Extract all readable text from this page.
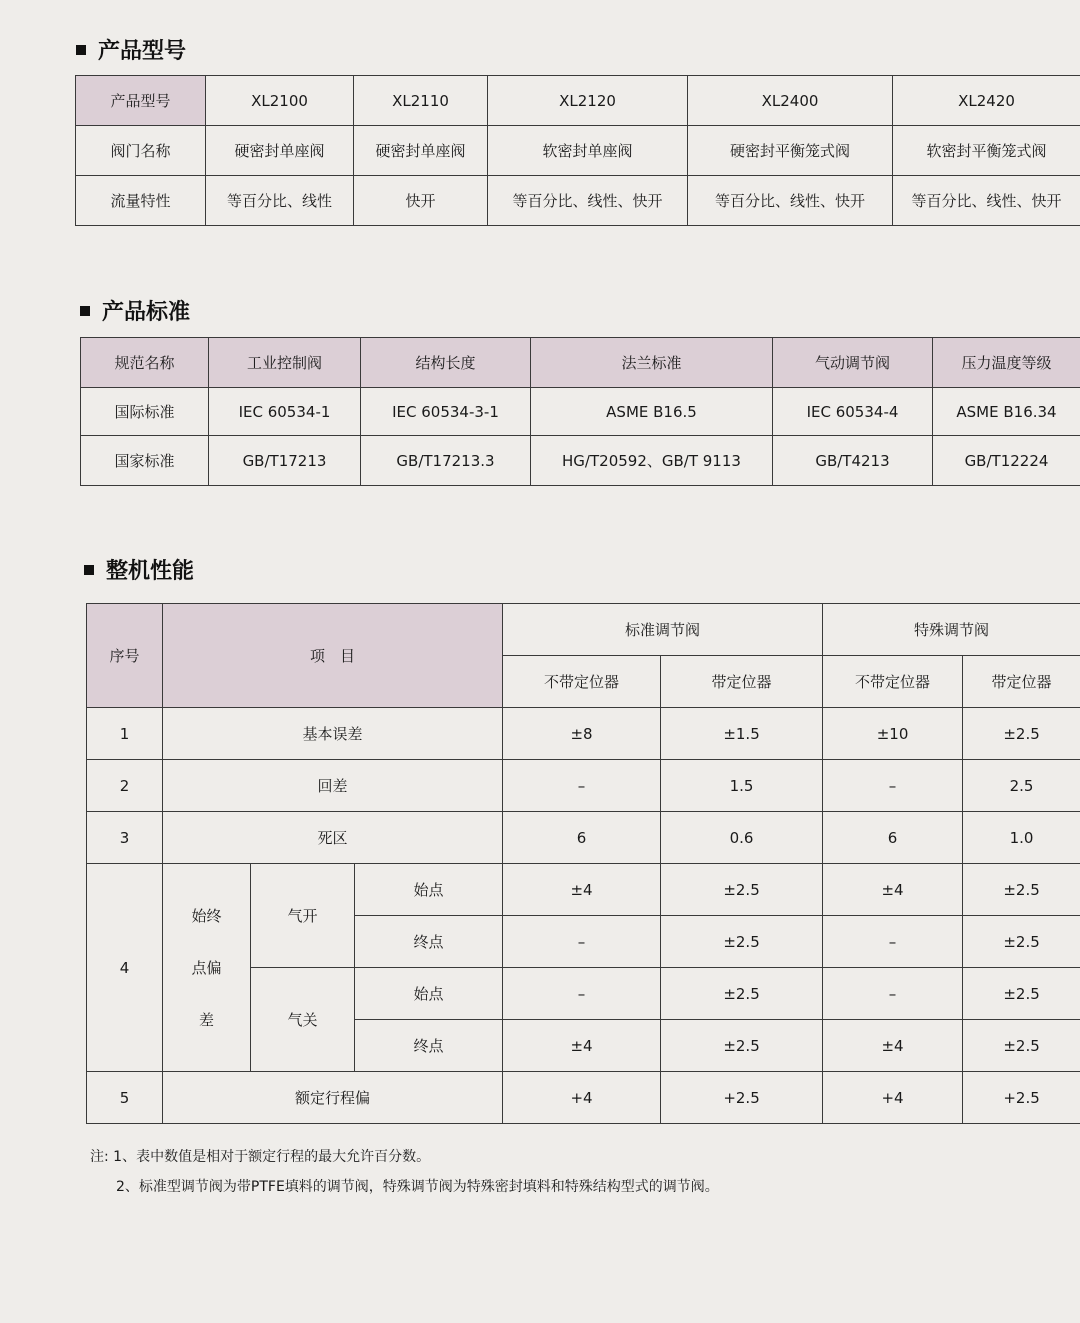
产品型号
产品型号	XL2100	XL2110	XL2120	XL2400	XL2420
阀门名称	硬密封单座阀	硬密封单座阀	软密封单座阀	硬密封平衡笼式阀	软密封平衡笼式阀
流量特性	等百分比、线性	快开	等百分比、线性、快开	等百分比、线性、快开	等百分比、线性、快开
产品标准
规范名称	工业控制阀	结构长度	法兰标准	气动调节阀	压力温度等级
国际标准	IEC 60534-1	IEC 60534-3-1	ASME B16.5	IEC 60534-4	ASME B16.34
国家标准	GB/T17213	GB/T17213.3	HG/T20592、GB/T 9113	GB/T4213	GB/T12224
整机性能
序号	项　目			标准调节阀		特殊调节阀	
				不带定位器	带定位器	不带定位器	带定位器
1	基本误差			±8	±1.5	±10	±2.5
2	回差			–	1.5	–	2.5
3	死区			6	0.6	6	1.0
4	始终
点偏
差	气开	始点	±4	±2.5	±4	±2.5
			终点	–	±2.5	–	±2.5
		气关	始点	–	±2.5	–	±2.5
			终点	±4	±2.5	±4	±2.5
5	额定行程偏			+4	+2.5	+4	+2.5
注: 1、表中数值是相对于额定行程的最大允许百分数。
2、标准型调节阀为带PTFE填料的调节阀，特殊调节阀为特殊密封填料和特殊结构型式的调节阀。
